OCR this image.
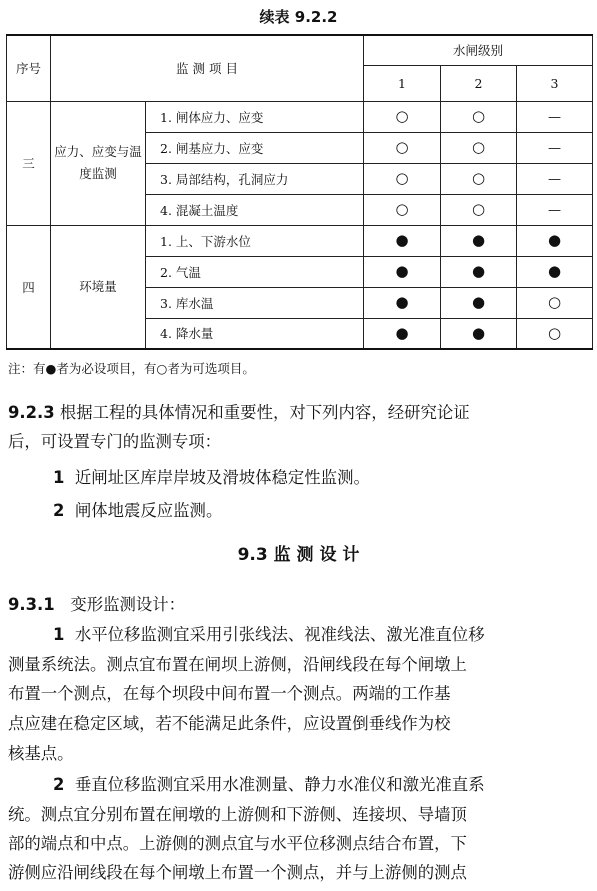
续表 9.2.2
序号	监 测 项 目		水闸级别		
			1	2	3
三	应力、应变与温度监测	1. 闸体应力、应变	○	○	—
		2. 闸基应力、应变	○	○	—
		3. 局部结构，孔洞应力	○	○	—
		4. 混凝土温度	○	○	—
四	环境量	1. 上、下游水位	●	●	●
		2. 气温	●	●	●
		3. 库水温	●	●	○
		4. 降水量	●	●	○
注：有●者为必设项目，有○者为可选项目。
9.2.3 根据工程的具体情况和重要性，对下列内容，经研究论证
后，可设置专门的监测专项：
1 近闸址区库岸岸坡及滑坡体稳定性监测。
2 闸体地震反应监测。
9.3 监 测 设 计
9.3.1 变形监测设计：
1 水平位移监测宜采用引张线法、视准线法、激光准直位移
测量系统法。测点宜布置在闸坝上游侧，沿闸线段在每个闸墩上
布置一个测点，在每个坝段中间布置一个测点。两端的工作基
点应建在稳定区域，若不能满足此条件，应设置倒垂线作为校
核基点。
2 垂直位移监测宜采用水准测量、静力水准仪和激光准直系
统。测点宜分别布置在闸墩的上游侧和下游侧、连接坝、导墙顶
部的端点和中点。上游侧的测点宜与水平位移测点结合布置，下
游侧应沿闸线段在每个闸墩上布置一个测点，并与上游侧的测点
